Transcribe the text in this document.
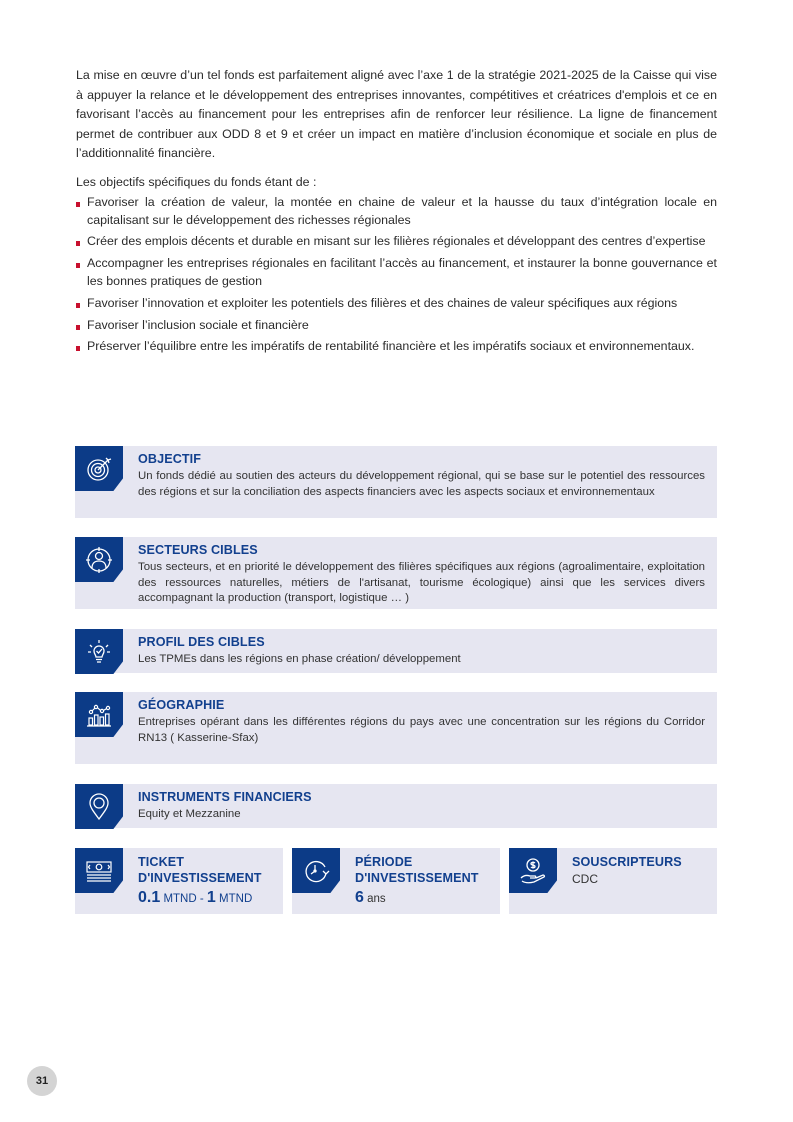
La mise en œuvre d’un tel fonds est parfaitement aligné avec l’axe 1 de la stratégie 2021-2025 de la Caisse qui vise à appuyer la relance et le développement des entreprises innovantes, compétitives et créatrices d'emplois et ce en favorisant l’accès au financement pour les entreprises afin de renforcer leur résilience. La ligne de financement permet de contribuer aux ODD 8 et 9 et créer un impact en matière d’inclusion économique et sociale en plus de l’additionnalité financière.

Les objectifs spécifiques du fonds étant de :
Favoriser la création de valeur, la montée en chaine de valeur et la hausse du taux d’intégration locale en capitalisant sur le développement des richesses régionales
Créer des emplois décents et durable en misant sur les filières régionales et développant des centres d’expertise
Accompagner les entreprises régionales en facilitant l’accès au financement, et instaurer la bonne gouvernance et les bonnes pratiques de gestion
Favoriser l’innovation et exploiter les potentiels des filières et des chaines de valeur spécifiques aux régions
Favoriser l’inclusion sociale et financière
Préserver l’équilibre entre les impératifs de rentabilité financière et les impératifs sociaux et environnementaux.
OBJECTIF
Un fonds dédié au soutien des acteurs du développement régional, qui se base sur le potentiel des ressources des régions et sur la conciliation des aspects financiers avec les aspects sociaux et environnementaux
SECTEURS CIBLES
Tous secteurs, et en priorité le développement des filières spécifiques aux régions (agroalimentaire, exploitation des ressources naturelles, métiers de l'artisanat, tourisme écologique) ainsi que les services divers accompagnant la production (transport, logistique … )
PROFIL DES CIBLES
Les TPMEs dans les régions en phase création/ développement
GÉOGRAPHIE
Entreprises opérant dans les différentes régions du pays avec une concentration sur les régions du Corridor RN13 ( Kasserine-Sfax)
INSTRUMENTS FINANCIERS
Equity et Mezzanine
TICKET
D'INVESTISSEMENT
0.1 MTND - 1 MTND
PÉRIODE
D'INVESTISSEMENT
6 ans
SOUSCRIPTEURS
CDC
31
